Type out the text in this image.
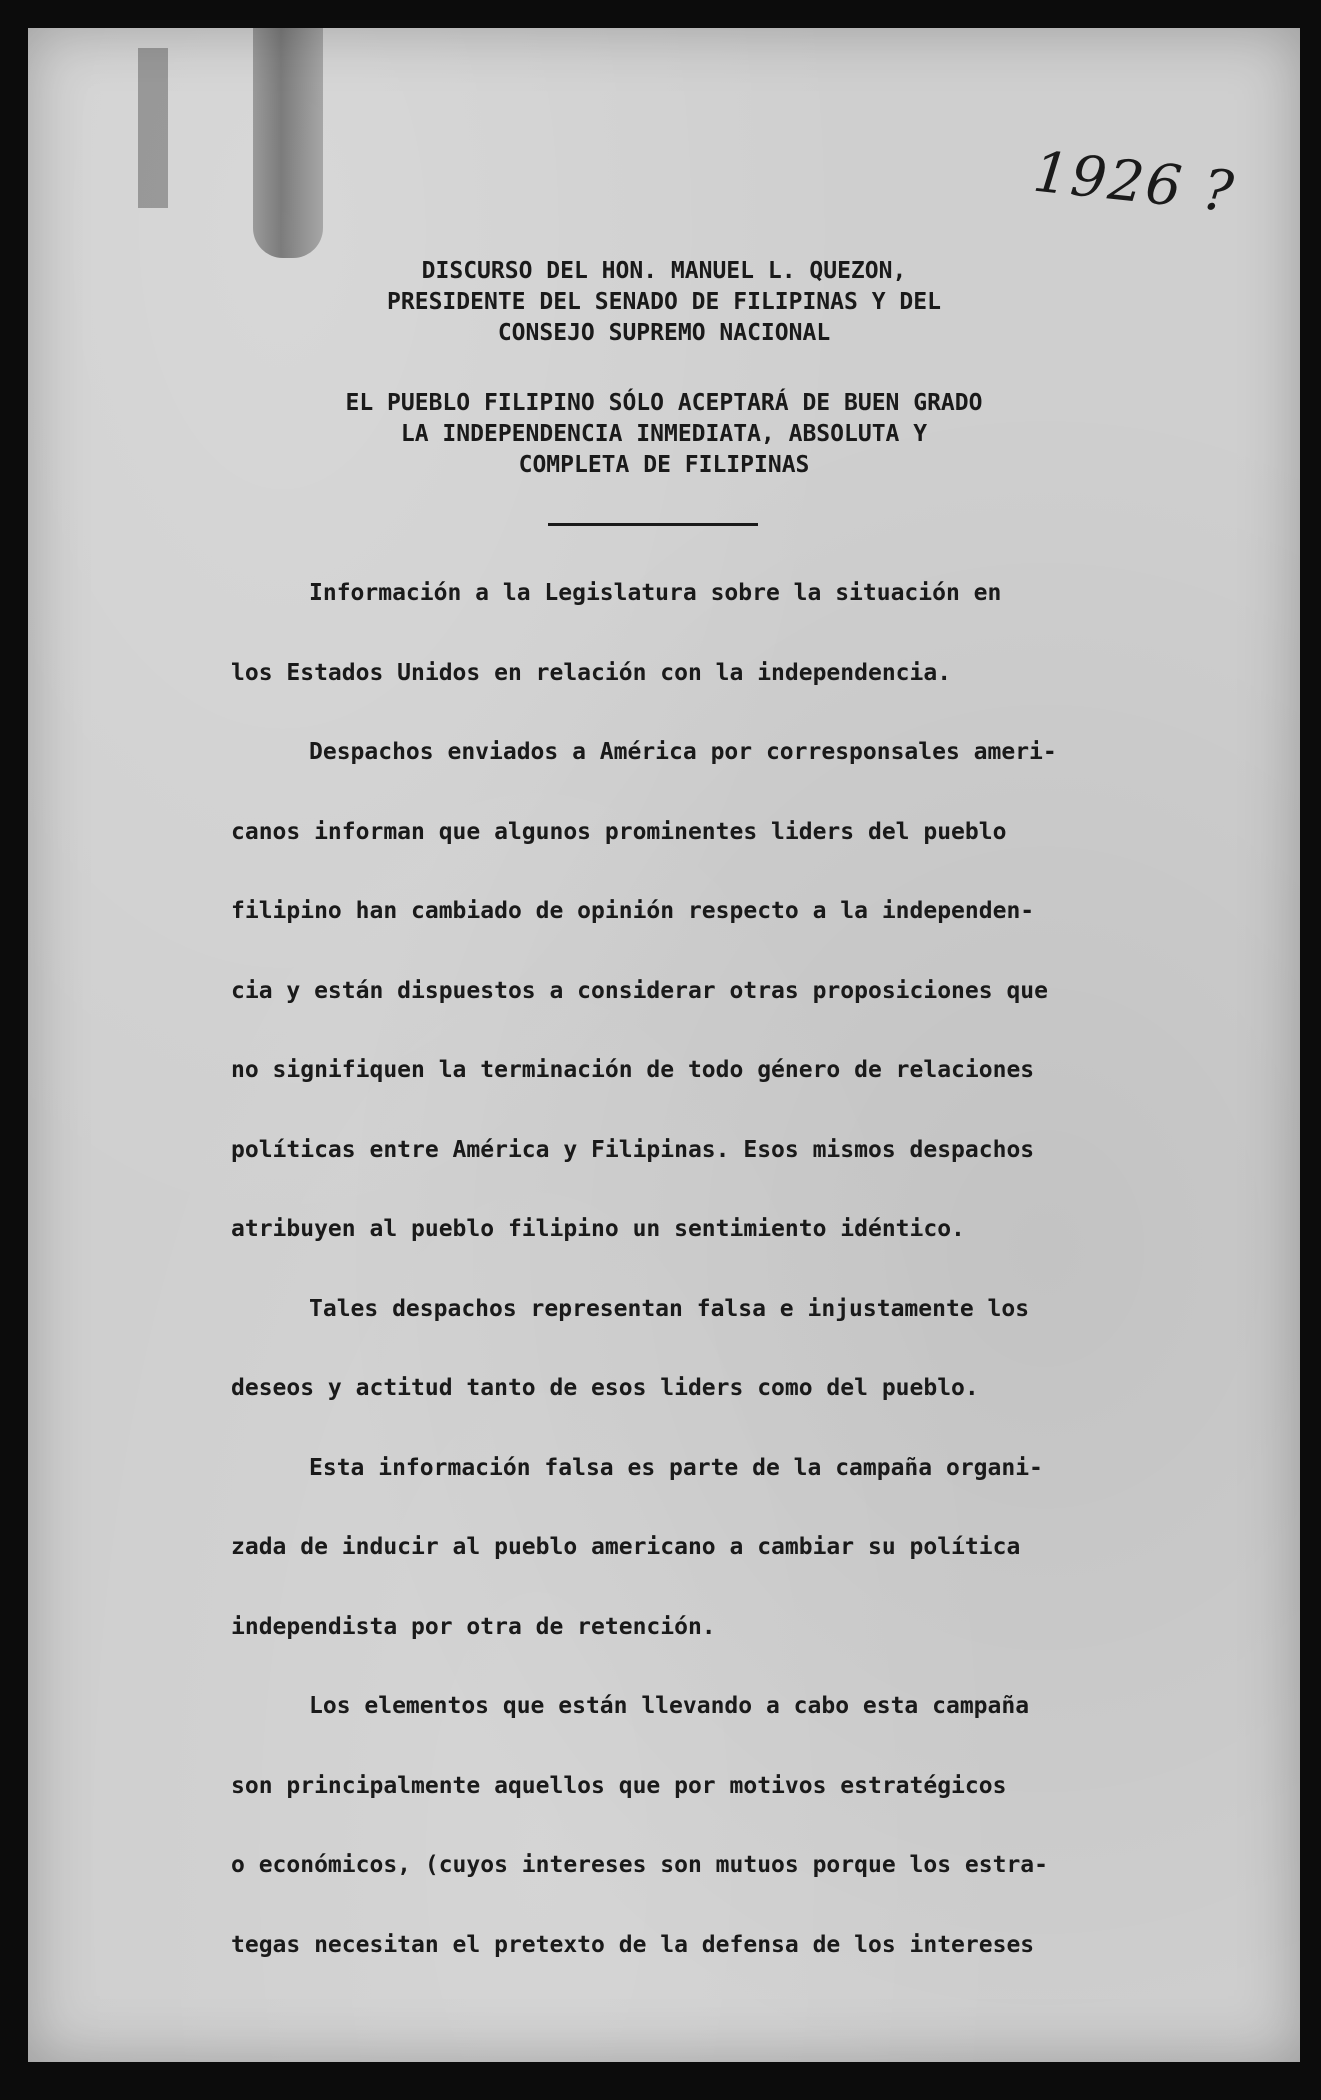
1926 ?
DISCURSO DEL HON. MANUEL L. QUEZON,
PRESIDENTE DEL SENADO DE FILIPINAS Y DEL
CONSEJO SUPREMO NACIONAL
EL PUEBLO FILIPINO SÓLO ACEPTARÁ DE BUEN GRADO
LA INDEPENDENCIA INMEDIATA, ABSOLUTA Y
COMPLETA DE FILIPINAS
Información a la Legislatura sobre la situación en
los Estados Unidos en relación con la independencia.
Despachos enviados a América por corresponsales ameri-
canos informan que algunos prominentes liders del pueblo
filipino han cambiado de opinión respecto a la independen-
cia y están dispuestos a considerar otras proposiciones que
no signifiquen la terminación de todo género de relaciones
políticas entre América y Filipinas. Esos mismos despachos
atribuyen al pueblo filipino un sentimiento idéntico.
Tales despachos representan falsa e injustamente los
deseos y actitud tanto de esos liders como del pueblo.
Esta información falsa es parte de la campaña organi-
zada de inducir al pueblo americano a cambiar su política
independista por otra de retención.
Los elementos que están llevando a cabo esta campaña
son principalmente aquellos que por motivos estratégicos
o económicos, (cuyos intereses son mutuos porque los estra-
tegas necesitan el pretexto de la defensa de los intereses
